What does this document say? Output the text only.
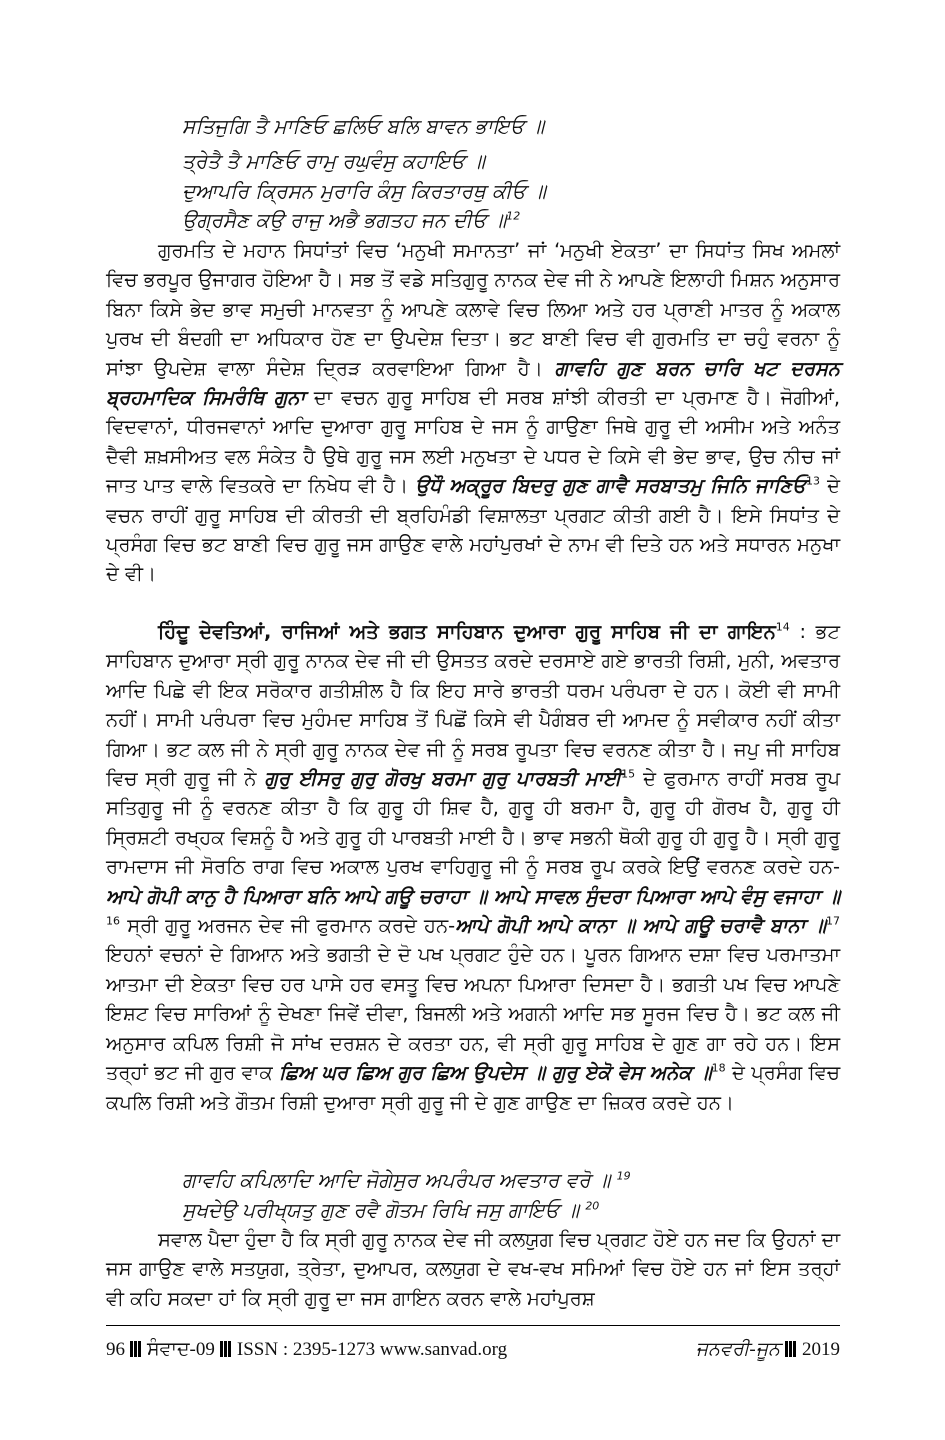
ਸਤਿਜੁਗਿ ਤੈ ਮਾਣਿਓ ਛਲਿਓ ਬਲਿ ਬਾਵਨ ਭਾਇਓ ॥
ਤ੍ਰੇਤੈ ਤੈ ਮਾਣਿਓ ਰਾਮੁ ਰਘੁਵੰਸੁ ਕਹਾਇਓ ॥
ਦੁਆਪਰਿ ਕ੍ਰਿਸਨ ਮੁਰਾਰਿ ਕੰਸੁ ਕਿਰਤਾਰਥੁ ਕੀਓ ॥
ਉਗ੍ਰਸੈਣ ਕਉ ਰਾਜੁ ਅਭੈ ਭਗਤਹ ਜਨ ਦੀਓ ॥$^{12}$
ਗੁਰਮਤਿ ਦੇ ਮਹਾਨ ਸਿਧਾਂਤਾਂ ਵਿਚ ‘ਮਨੁਖੀ ਸਮਾਨਤਾ’ ਜਾਂ ‘ਮਨੁਖੀ ਏਕਤਾ’ ਦਾ ਸਿਧਾਂਤ ਸਿਖ ਅਮਲਾਂ ਵਿਚ ਭਰਪੂਰ ਉਜਾਗਰ ਹੋਇਆ ਹੈ। ਸਭ ਤੋਂ ਵਡੇ ਸਤਿਗੁਰੂ ਨਾਨਕ ਦੇਵ ਜੀ ਨੇ ਆਪਣੇ ਇਲਾਹੀ ਮਿਸ਼ਨ ਅਨੁਸਾਰ ਬਿਨਾ ਕਿਸੇ ਭੇਦ ਭਾਵ ਸਮੁਚੀ ਮਾਨਵਤਾ ਨੂੰ ਆਪਣੇ ਕਲਾਵੇ ਵਿਚ ਲਿਆ ਅਤੇ ਹਰ ਪ੍ਰਾਣੀ ਮਾਤਰ ਨੂੰ ਅਕਾਲ ਪੁਰਖ ਦੀ ਬੰਦਗੀ ਦਾ ਅਧਿਕਾਰ ਹੋਣ ਦਾ ਉਪਦੇਸ਼ ਦਿਤਾ। ਭਟ ਬਾਣੀ ਵਿਚ ਵੀ ਗੁਰਮਤਿ ਦਾ ਚਹੁੰ ਵਰਨਾ ਨੂੰ ਸਾਂਝਾ ਉਪਦੇਸ਼ ਵਾਲਾ ਸੰਦੇਸ਼ ਦ੍ਰਿੜ ਕਰਵਾਇਆ ਗਿਆ ਹੈ। ਗਾਵਹਿ ਗੁਣ ਬਰਨ ਚਾਰਿ ਖਟ ਦਰਸਨ ਬ੍ਰਹਮਾਦਿਕ ਸਿਮਰੰਥਿ ਗੁਨਾ ਦਾ ਵਚਨ ਗੁਰੂ ਸਾਹਿਬ ਦੀ ਸਰਬ ਸ਼ਾਂਝੀ ਕੀਰਤੀ ਦਾ ਪ੍ਰਮਾਣ ਹੈ। ਜੋਗੀਆਂ, ਵਿਦਵਾਨਾਂ, ਧੀਰਜਵਾਨਾਂ ਆਦਿ ਦੁਆਰਾ ਗੁਰੂ ਸਾਹਿਬ ਦੇ ਜਸ ਨੂੰ ਗਾਉਣਾ ਜਿਥੇ ਗੁਰੂ ਦੀ ਅਸੀਮ ਅਤੇ ਅਨੰਤ ਦੈਵੀ ਸ਼ਖ਼ਸੀਅਤ ਵਲ ਸੰਕੇਤ ਹੈ ਉਥੇ ਗੁਰੂ ਜਸ ਲਈ ਮਨੁਖਤਾ ਦੇ ਪਧਰ ਦੇ ਕਿਸੇ ਵੀ ਭੇਦ ਭਾਵ, ਉਚ ਨੀਚ ਜਾਂ ਜਾਤ ਪਾਤ ਵਾਲੇ ਵਿਤਕਰੇ ਦਾ ਨਿਖੇਧ ਵੀ ਹੈ। ਉਧੌ ਅਕ੍ਰੂਰ ਬਿਦਰੁ ਗੁਣ ਗਾਵੈ ਸਰਬਾਤਮੁ ਜਿਨਿ ਜਾਣਿਓ$^{13}$ ਦੇ ਵਚਨ ਰਾਹੀਂ ਗੁਰੂ ਸਾਹਿਬ ਦੀ ਕੀਰਤੀ ਦੀ ਬ੍ਰਹਿਮੰਡੀ ਵਿਸ਼ਾਲਤਾ ਪ੍ਰਗਟ ਕੀਤੀ ਗਈ ਹੈ। ਇਸੇ ਸਿਧਾਂਤ ਦੇ ਪ੍ਰਸੰਗ ਵਿਚ ਭਟ ਬਾਣੀ ਵਿਚ ਗੁਰੂ ਜਸ ਗਾਉਣ ਵਾਲੇ ਮਹਾਂਪੁਰਖਾਂ ਦੇ ਨਾਮ ਵੀ ਦਿਤੇ ਹਨ ਅਤੇ ਸਧਾਰਨ ਮਨੁਖਾ ਦੇ ਵੀ।
ਹਿੰਦੂ ਦੇਵਤਿਆਂ, ਰਾਜਿਆਂ ਅਤੇ ਭਗਤ ਸਾਹਿਬਾਨ ਦੁਆਰਾ ਗੁਰੂ ਸਾਹਿਬ ਜੀ ਦਾ ਗਾਇਨ$^{14}$ : ਭਟ ਸਾਹਿਬਾਨ ਦੁਆਰਾ ਸ੍ਰੀ ਗੁਰੂ ਨਾਨਕ ਦੇਵ ਜੀ ਦੀ ਉਸਤਤ ਕਰਦੇ ਦਰਸਾਏ ਗਏ ਭਾਰਤੀ ਰਿਸ਼ੀ, ਮੁਨੀ, ਅਵਤਾਰ ਆਦਿ ਪਿਛੇ ਵੀ ਇਕ ਸਰੋਕਾਰ ਗਤੀਸ਼ੀਲ ਹੈ ਕਿ ਇਹ ਸਾਰੇ ਭਾਰਤੀ ਧਰਮ ਪਰੰਪਰਾ ਦੇ ਹਨ। ਕੋਈ ਵੀ ਸਾਮੀ ਨਹੀਂ। ਸਾਮੀ ਪਰੰਪਰਾ ਵਿਚ ਮੁਹੰਮਦ ਸਾਹਿਬ ਤੋਂ ਪਿਛੋਂ ਕਿਸੇ ਵੀ ਪੈਗੰਬਰ ਦੀ ਆਮਦ ਨੂੰ ਸਵੀਕਾਰ ਨਹੀਂ ਕੀਤਾ ਗਿਆ। ਭਟ ਕਲ ਜੀ ਨੇ ਸ੍ਰੀ ਗੁਰੂ ਨਾਨਕ ਦੇਵ ਜੀ ਨੂੰ ਸਰਬ ਰੂਪਤਾ ਵਿਚ ਵਰਨਣ ਕੀਤਾ ਹੈ। ਜਪੁ ਜੀ ਸਾਹਿਬ ਵਿਚ ਸ੍ਰੀ ਗੁਰੂ ਜੀ ਨੇ ਗੁਰੁ ਈਸਰੁ ਗੁਰੁ ਗੋਰਖੁ ਬਰਮਾ ਗੁਰੁ ਪਾਰਬਤੀ ਮਾਈ$^{15}$ ਦੇ ਫੁਰਮਾਨ ਰਾਹੀਂ ਸਰਬ ਰੂਪ ਸਤਿਗੁਰੂ ਜੀ ਨੂੰ ਵਰਨਣ ਕੀਤਾ ਹੈ ਕਿ ਗੁਰੂ ਹੀ ਸ਼ਿਵ ਹੈ, ਗੁਰੂ ਹੀ ਬਰਮਾ ਹੈ, ਗੁਰੂ ਹੀ ਗੋਰਖ ਹੈ, ਗੁਰੂ ਹੀ ਸ੍ਰਿਸ਼ਟੀ ਰਖ੍ਹਕ ਵਿਸ਼ਨੂੰ ਹੈ ਅਤੇ ਗੁਰੂ ਹੀ ਪਾਰਬਤੀ ਮਾਈ ਹੈ। ਭਾਵ ਸਭਨੀ ਥੋਕੀ ਗੁਰੂ ਹੀ ਗੁਰੂ ਹੈ। ਸ੍ਰੀ ਗੁਰੂ ਰਾਮਦਾਸ ਜੀ ਸੋਰਠਿ ਰਾਗ ਵਿਚ ਅਕਾਲ ਪੁਰਖ ਵਾਹਿਗੁਰੂ ਜੀ ਨੂੰ ਸਰਬ ਰੂਪ ਕਰਕੇ ਇਉਂ ਵਰਨਣ ਕਰਦੇ ਹਨ-ਆਪੇ ਗੋਪੀ ਕਾਨੁ ਹੈ ਪਿਆਰਾ ਬਨਿ ਆਪੇ ਗਊ ਚਰਾਹਾ ॥ ਆਪੇ ਸਾਵਲ ਸੁੰਦਰਾ ਪਿਆਰਾ ਆਪੇ ਵੰਸੁ ਵਜਾਹਾ ॥$^{16}$ ਸ੍ਰੀ ਗੁਰੂ ਅਰਜਨ ਦੇਵ ਜੀ ਫੁਰਮਾਨ ਕਰਦੇ ਹਨ-ਆਪੇ ਗੋਪੀ ਆਪੇ ਕਾਨਾ ॥ ਆਪੇ ਗਊ ਚਰਾਵੈ ਬਾਨਾ ॥$^{17}$ ਇਹਨਾਂ ਵਚਨਾਂ ਦੇ ਗਿਆਨ ਅਤੇ ਭਗਤੀ ਦੇ ਦੋ ਪਖ ਪ੍ਰਗਟ ਹੁੰਦੇ ਹਨ। ਪੂਰਨ ਗਿਆਨ ਦਸ਼ਾ ਵਿਚ ਪਰਮਾਤਮਾ ਆਤਮਾ ਦੀ ਏਕਤਾ ਵਿਚ ਹਰ ਪਾਸੇ ਹਰ ਵਸਤੂ ਵਿਚ ਅਪਨਾ ਪਿਆਰਾ ਦਿਸਦਾ ਹੈ। ਭਗਤੀ ਪਖ ਵਿਚ ਆਪਣੇ ਇਸ਼ਟ ਵਿਚ ਸਾਰਿਆਂ ਨੂੰ ਦੇਖਣਾ ਜਿਵੇਂ ਦੀਵਾ, ਬਿਜਲੀ ਅਤੇ ਅਗਨੀ ਆਦਿ ਸਭ ਸੂਰਜ ਵਿਚ ਹੈ। ਭਟ ਕਲ ਜੀ ਅਨੁਸਾਰ ਕਪਿਲ ਰਿਸ਼ੀ ਜੋ ਸਾਂਖ ਦਰਸ਼ਨ ਦੇ ਕਰਤਾ ਹਨ, ਵੀ ਸ੍ਰੀ ਗੁਰੂ ਸਾਹਿਬ ਦੇ ਗੁਣ ਗਾ ਰਹੇ ਹਨ। ਇਸ ਤਰ੍ਹਾਂ ਭਟ ਜੀ ਗੁਰ ਵਾਕ ਛਿਅ ਘਰ ਛਿਅ ਗੁਰ ਛਿਅ ਉਪਦੇਸ ॥ ਗੁਰੁ ਏਕੋ ਵੇਸ ਅਨੇਕ ॥$^{18}$ ਦੇ ਪ੍ਰਸੰਗ ਵਿਚ ਕਪਲਿ ਰਿਸ਼ੀ ਅਤੇ ਗੌਤਮ ਰਿਸ਼ੀ ਦੁਆਰਾ ਸ੍ਰੀ ਗੁਰੂ ਜੀ ਦੇ ਗੁਣ ਗਾਉਣ ਦਾ ਜ਼ਿਕਰ ਕਰਦੇ ਹਨ।
ਗਾਵਹਿ ਕਪਿਲਾਦਿ ਆਦਿ ਜੋਗੇਸੁਰ ਅਪਰੰਪਰ ਅਵਤਾਰ ਵਰੋ ॥ $^{19}$
ਸੁਖਦੇਉ ਪਰੀਖ੍ਯਤੁ ਗੁਣ ਰਵੈ ਗੋਤਮ ਰਿਖਿ ਜਸੁ ਗਾਇਓ ॥ $^{20}$
ਸਵਾਲ ਪੈਦਾ ਹੁੰਦਾ ਹੈ ਕਿ ਸ੍ਰੀ ਗੁਰੂ ਨਾਨਕ ਦੇਵ ਜੀ ਕਲਯੁਗ ਵਿਚ ਪ੍ਰਗਟ ਹੋਏ ਹਨ ਜਦ ਕਿ ਉਹਨਾਂ ਦਾ ਜਸ ਗਾਉਣ ਵਾਲੇ ਸਤਯੁਗ, ਤ੍ਰੇਤਾ, ਦੁਆਪਰ, ਕਲਯੁਗ ਦੇ ਵਖ-ਵਖ ਸਮਿਆਂ ਵਿਚ ਹੋਏ ਹਨ ਜਾਂ ਇਸ ਤਰ੍ਹਾਂ ਵੀ ਕਹਿ ਸਕਦਾ ਹਾਂ ਕਿ ਸ੍ਰੀ ਗੁਰੂ ਦਾ ਜਸ ਗਾਇਨ ਕਰਨ ਵਾਲੇ ਮਹਾਂਪੁਰਸ਼
96 ਸੰਵਾਦ-09 ISSN : 2395-1273 www.sanvad.org	ਜਨਵਰੀ-ਜੂਨ 2019
